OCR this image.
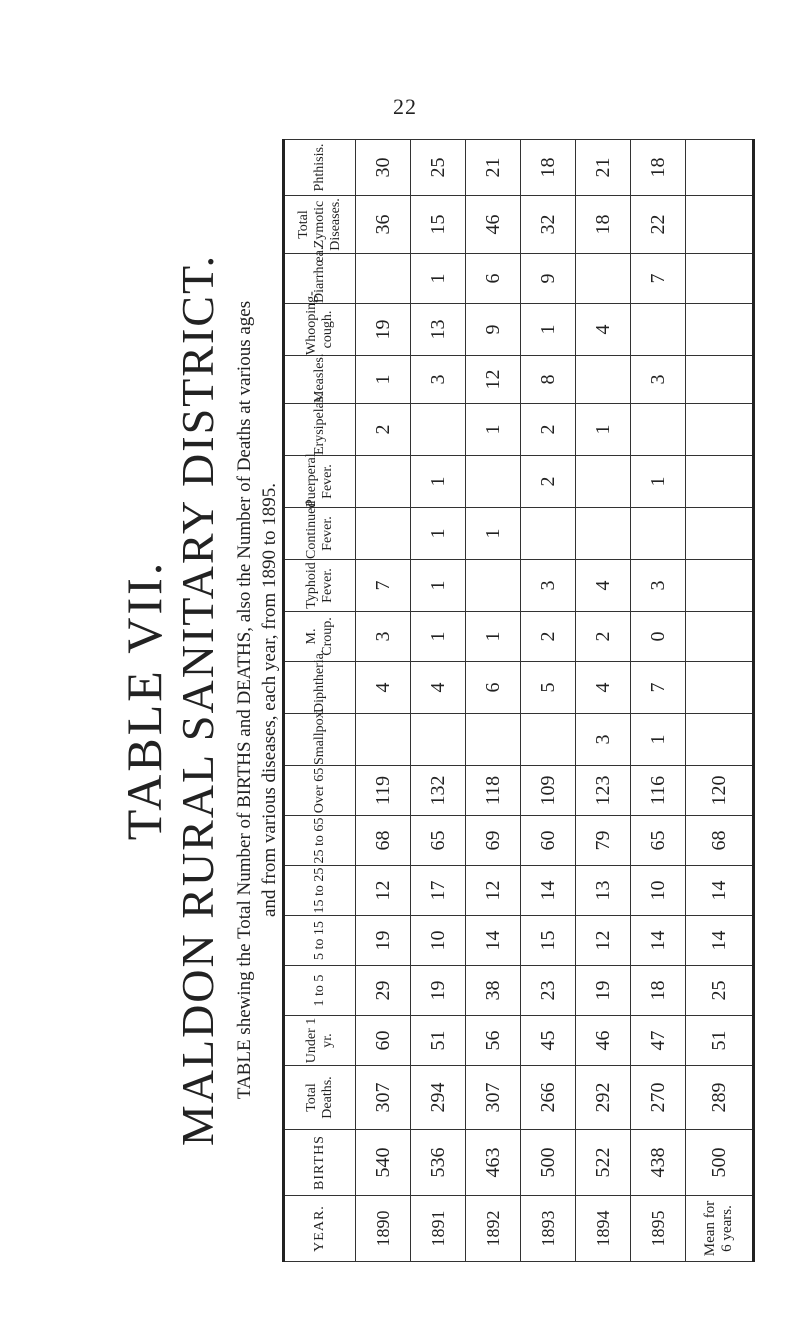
22
TABLE VII. MALDON RURAL SANITARY DISTRICT. TABLE shewing the Total Number of BIRTHS and DEATHS, also the Number of Deaths at various ages and from various diseases, each year, from 1890 to 1895.
YEAR.	BIRTHS	Total Deaths.	Under 1 yr.	1 to 5	5 to 15	15 to 25	25 to 65	Over 65	Smallpox.	Diphtheria.	M. Croup.	Typhoid Fever.	Continued Fever.	Puerperal Fever.	Erysipelas.	Measles.	Whooping-cough.	Diarrhœa.	Total Zymotic Diseases.	Phthisis.
1890	540	307	60	29	19	12	68	119		4	3	7			2	1	19		36	30
1891	536	294	51	19	10	17	65	132		4	1	1	1	1		3	13	1	15	25
1892	463	307	56	38	14	12	69	118		6	1		1		1	12	9	6	46	21
1893	500	266	45	23	15	14	60	109		5	2	3		2	2	8	1	9	32	18
1894	522	292	46	19	12	13	79	123	3	4	2	4			1		4		18	21
1895	438	270	47	18	14	10	65	116	1	7	0	3		1		3		7	22	18
Mean for 6 years.	500	289	51	25	14	14	68	120												
